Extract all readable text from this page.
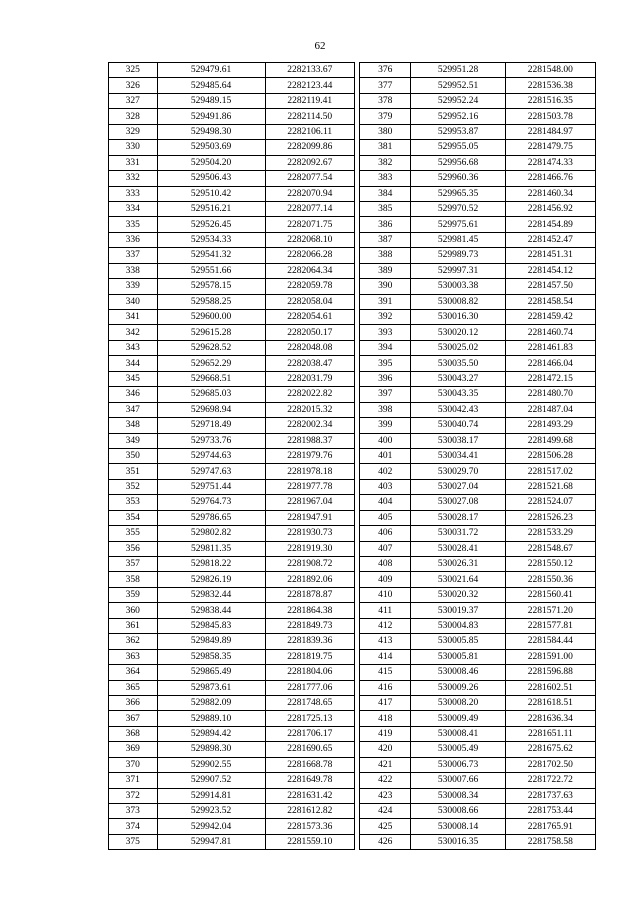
62
325	529479.61	2282133.67
326	529485.64	2282123.44
327	529489.15	2282119.41
328	529491.86	2282114.50
329	529498.30	2282106.11
330	529503.69	2282099.86
331	529504.20	2282092.67
332	529506.43	2282077.54
333	529510.42	2282070.94
334	529516.21	2282077.14
335	529526.45	2282071.75
336	529534.33	2282068.10
337	529541.32	2282066.28
338	529551.66	2282064.34
339	529578.15	2282059.78
340	529588.25	2282058.04
341	529600.00	2282054.61
342	529615.28	2282050.17
343	529628.52	2282048.08
344	529652.29	2282038.47
345	529668.51	2282031.79
346	529685.03	2282022.82
347	529698.94	2282015.32
348	529718.49	2282002.34
349	529733.76	2281988.37
350	529744.63	2281979.76
351	529747.63	2281978.18
352	529751.44	2281977.78
353	529764.73	2281967.04
354	529786.65	2281947.91
355	529802.82	2281930.73
356	529811.35	2281919.30
357	529818.22	2281908.72
358	529826.19	2281892.06
359	529832.44	2281878.87
360	529838.44	2281864.38
361	529845.83	2281849.73
362	529849.89	2281839.36
363	529858.35	2281819.75
364	529865.49	2281804.06
365	529873.61	2281777.06
366	529882.09	2281748.65
367	529889.10	2281725.13
368	529894.42	2281706.17
369	529898.30	2281690.65
370	529902.55	2281668.78
371	529907.52	2281649.78
372	529914.81	2281631.42
373	529923.52	2281612.82
374	529942.04	2281573.36
375	529947.81	2281559.10
376	529951.28	2281548.00
377	529952.51	2281536.38
378	529952.24	2281516.35
379	529952.16	2281503.78
380	529953.87	2281484.97
381	529955.05	2281479.75
382	529956.68	2281474.33
383	529960.36	2281466.76
384	529965.35	2281460.34
385	529970.52	2281456.92
386	529975.61	2281454.89
387	529981.45	2281452.47
388	529989.73	2281451.31
389	529997.31	2281454.12
390	530003.38	2281457.50
391	530008.82	2281458.54
392	530016.30	2281459.42
393	530020.12	2281460.74
394	530025.02	2281461.83
395	530035.50	2281466.04
396	530043.27	2281472.15
397	530043.35	2281480.70
398	530042.43	2281487.04
399	530040.74	2281493.29
400	530038.17	2281499.68
401	530034.41	2281506.28
402	530029.70	2281517.02
403	530027.04	2281521.68
404	530027.08	2281524.07
405	530028.17	2281526.23
406	530031.72	2281533.29
407	530028.41	2281548.67
408	530026.31	2281550.12
409	530021.64	2281550.36
410	530020.32	2281560.41
411	530019.37	2281571.20
412	530004.83	2281577.81
413	530005.85	2281584.44
414	530005.81	2281591.00
415	530008.46	2281596.88
416	530009.26	2281602.51
417	530008.20	2281618.51
418	530009.49	2281636.34
419	530008.41	2281651.11
420	530005.49	2281675.62
421	530006.73	2281702.50
422	530007.66	2281722.72
423	530008.34	2281737.63
424	530008.66	2281753.44
425	530008.14	2281765.91
426	530016.35	2281758.58
